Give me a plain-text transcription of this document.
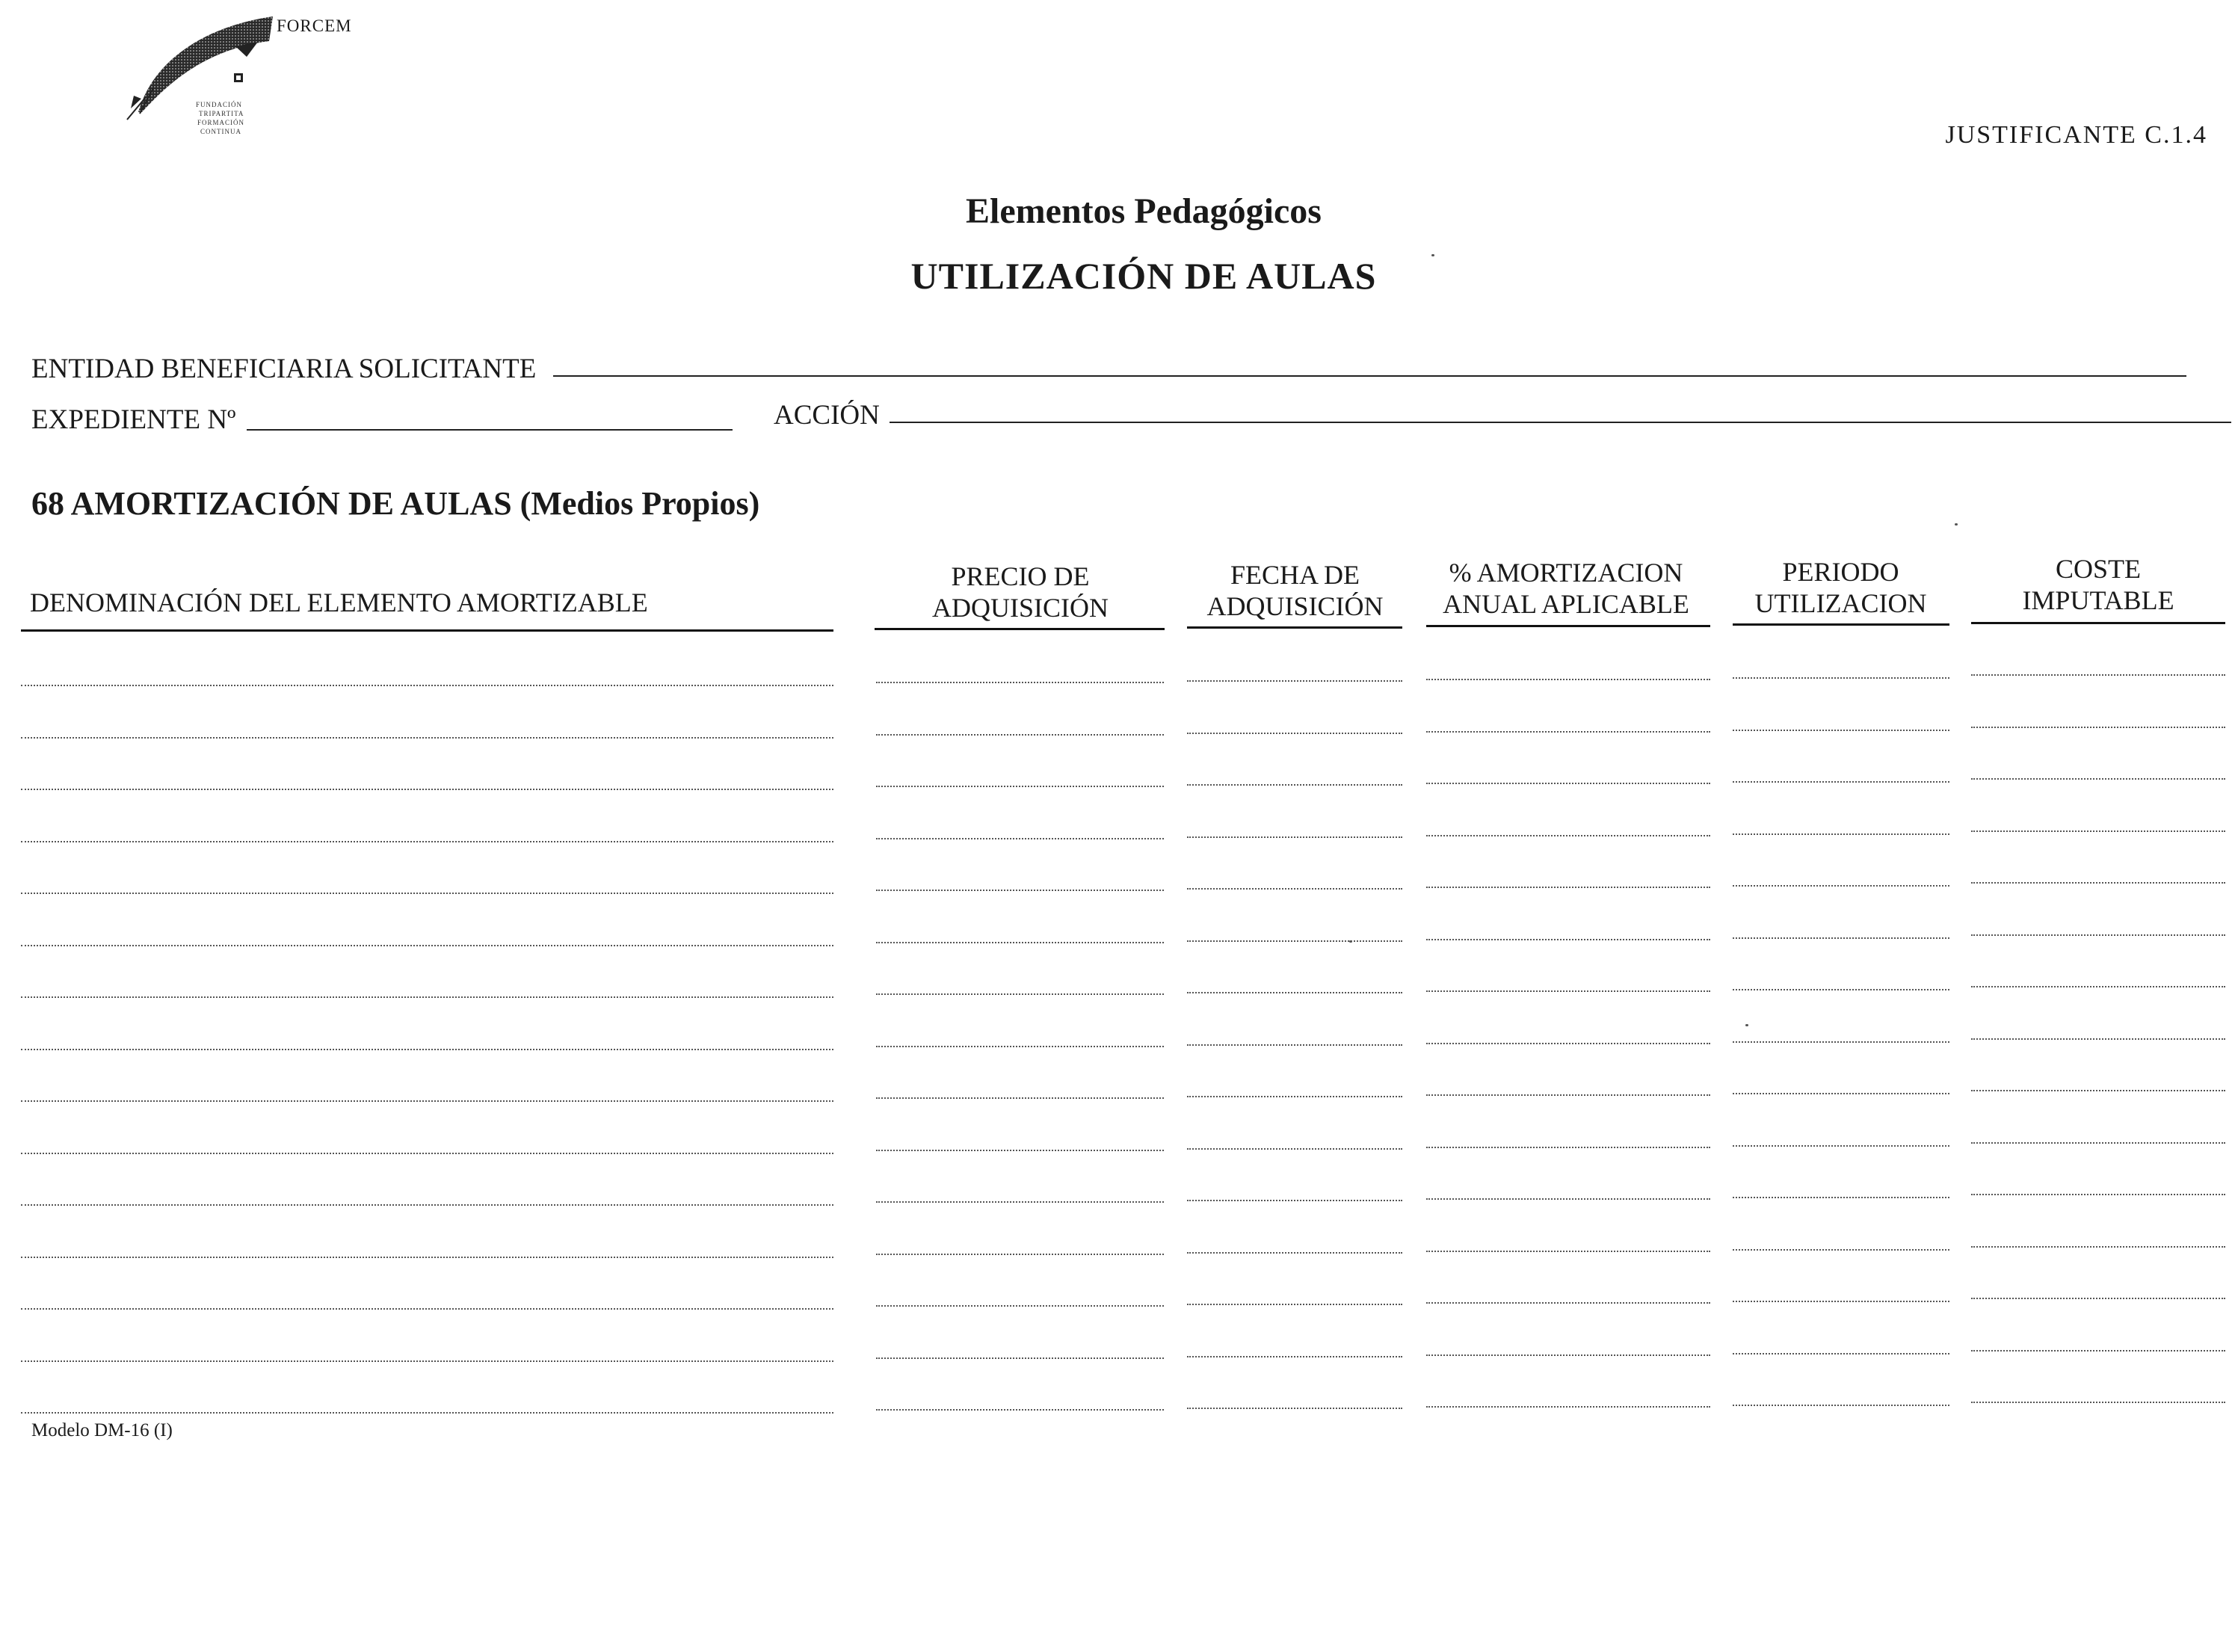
FORCEM
FUNDACIÓN
TRIPARTITA
FORMACIÓN
CONTINUA	JUSTIFICANTE C.1.4
Elementos Pedagógicos
UTILIZACIÓN DE AULAS
ENTIDAD BENEFICIARIA SOLICITANTE
EXPEDIENTE Nº	ACCIÓN
68 AMORTIZACIÓN DE AULAS (Medios Propios)
DENOMINACIÓN DEL ELEMENTO AMORTIZABLE
PRECIO DE
ADQUISICIÓN
FECHA DE
ADQUISICIÓN
% AMORTIZACION
ANUAL APLICABLE
PERIODO
UTILIZACION
COSTE
IMPUTABLE
Modelo DM-16 (I)
